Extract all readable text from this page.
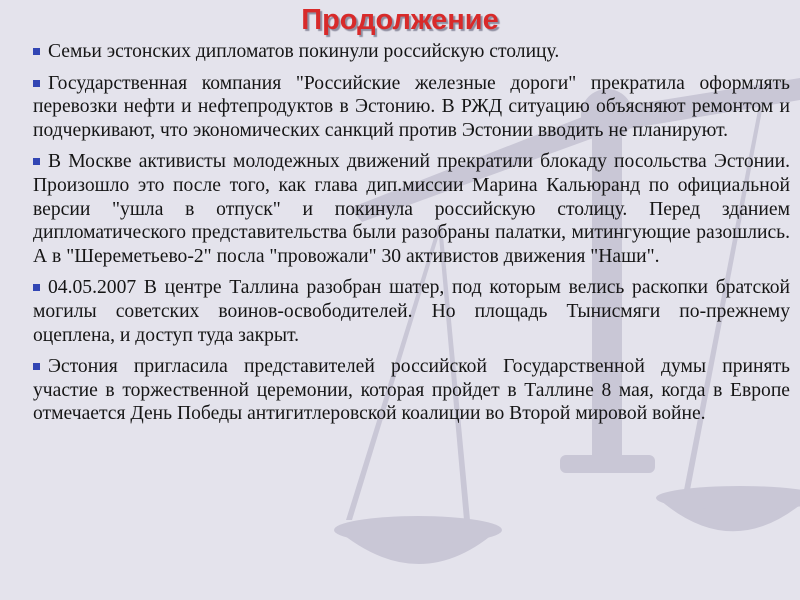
Продолжение
Семьи эстонских дипломатов покинули российскую столицу.
Государственная компания "Российские железные дороги" прекратила оформлять перевозки нефти и нефтепродуктов в Эстонию. В РЖД ситуацию объясняют ремонтом и подчеркивают, что экономических санкций против Эстонии вводить не планируют.
В Москве активисты молодежных движений прекратили блокаду посольства Эстонии. Произошло это после того, как глава дип.миссии Марина Кальюранд по официальной версии "ушла в отпуск" и покинула российскую столицу. Перед зданием дипломатического представительства были разобраны палатки, митингующие разошлись. А в "Шереметьево-2" посла "провожали" 30 активистов движения "Наши".
04.05.2007 В центре Таллина разобран шатер, под которым велись раскопки братской могилы советских воинов-освободителей. Но площадь Тынисмяги по-прежнему оцеплена, и доступ туда закрыт.
Эстония пригласила представителей российской Государственной думы принять участие в торжественной церемонии, которая пройдет в Таллине 8 мая, когда в Европе отмечается День Победы антигитлеровской коалиции во Второй мировой войне.
